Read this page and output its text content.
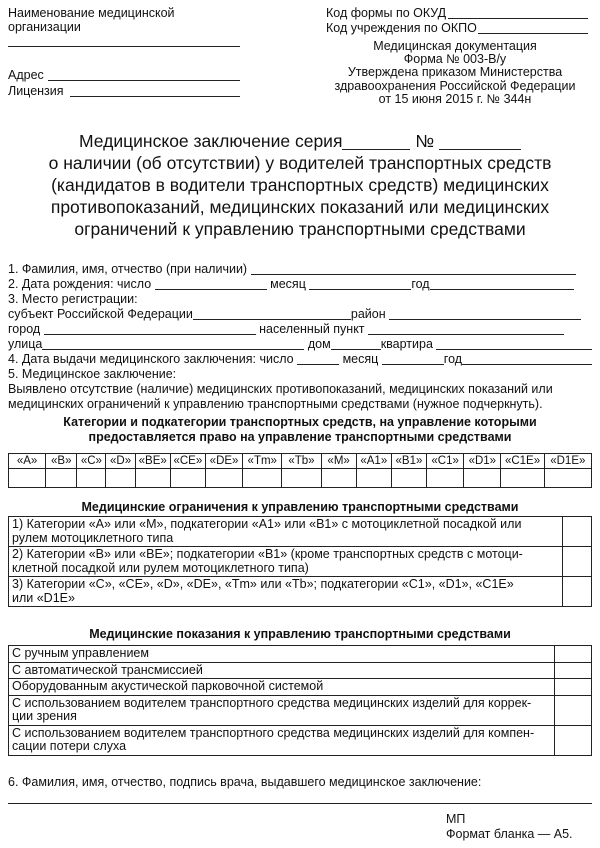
Наименование медицинской
организации
Адрес
Лицензия
Код формы по ОКУД
Код учреждения по ОКПО
Медицинская документация
Форма № 003-В/у
Утверждена приказом Министерства
здравоохранения Российской Федерации
от 15 июня 2015 г. № 344н
Медицинское заключение серия	№
о наличии (об отсутствии) у водителей транспортных средств
(кандидатов в водители транспортных средств) медицинских
противопоказаний, медицинских показаний или медицинских
ограничений к управлению транспортными средствами
1. Фамилия, имя, отчество (при наличии)
2. Дата рождения: число	месяц	год
3. Место регистрации:
субъект Российской Федерации	район
город	населенный пункт
улица	дом	квартира
4. Дата выдачи медицинского заключения: число	месяц	год
5. Медицинское заключение:
Выявлено отсутствие (наличие) медицинских противопоказаний, медицинских показаний или
медицинских ограничений к управлению транспортными средствами (нужное подчеркнуть).
Категории и подкатегории транспортных средств, на управление которыми
предоставляется право на управление транспортными средствами
«A»	«B»	«C»	«D»	«BE»	«CE»	«DE»	«Tm»	«Tb»	«M»	«A1»	«B1»	«C1»	«D1»	«C1E»	«D1E»

Медицинские ограничения к управлению транспортными средствами
1) Категории «A» или «M», подкатегории «A1» или «B1» с мотоциклетной посадкой или
рулем мотоциклетного типа	

2) Категории «B» или «BE»; подкатегории «B1» (кроме транспортных средств с мотоци-
клетной посадкой или рулем мотоциклетного типа)	

3) Категории «C», «CE», «D», «DE», «Tm» или «Tb»; подкатегории «C1», «D1», «C1E»
или «D1E»	

Медицинские показания к управлению транспортными средствами
С ручным управлением	

С автоматической трансмиссией	

Оборудованным акустической парковочной системой	

С использованием водителем транспортного средства медицинских изделий для коррек-
ции зрения	

С использованием водителем транспортного средства медицинских изделий для компен-
сации потери слуха	

6. Фамилия, имя, отчество, подпись врача, выдавшего медицинское заключение:
МП
Формат бланка — А5.
